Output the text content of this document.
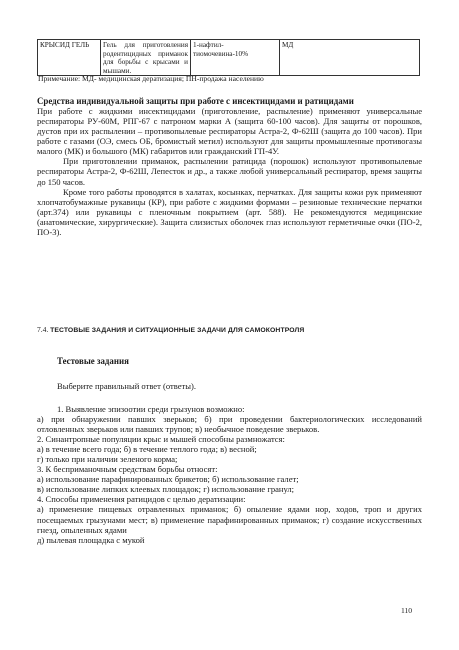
КРЫСИД ГЕЛЬ	Гель для приготовления родентицидных приманок для борьбы с крысами и мышами.	1-нафтил-тиомочевина-10%	МД
Примечание: МД- медицинская дератизация; ПН-продажа населению

Средства индивидуальной защиты при работе с инсектицидами и ратицидами

При работе с жидкими инсектицидами (приготовление, распыление) применяют универсальные респираторы РУ-60М, РПГ-67 с патроном марки А (защита 60-100 часов). Для защиты от порошков, дустов при их распылении – противопылевые респираторы Астра-2, Ф-62Ш (защита до 100 часов). При работе с газами (ОЭ, смесь ОБ, бромистый метил) используют для защиты промышленные противогазы малого (МК) и большого (МК) габаритов или гражданский ГП-4У.

При приготовлении приманок, распылении ратицида (порошок) используют противопылевые респираторы Астра-2, Ф-62Ш, Лепесток и др., а также любой универсальный респиратор, время защиты до 150 часов.

Кроме того работы проводятся в халатах, косынках, перчатках. Для защиты кожи рук применяют хлопчатобумажные рукавицы (КР), при работе с жидкими формами – резиновые технические перчатки (арт.374) или рукавицы с пленочным покрытием (арт. 588). Не рекомендуются медицинские (анатомические, хирургические). Защита слизистых оболочек глаз используют герметичные очки (ПО-2, ПО-3).

7.4. ТЕСТОВЫЕ ЗАДАНИЯ И СИТУАЦИОННЫЕ ЗАДАЧИ ДЛЯ САМОКОНТРОЛЯ
Тестовые задания
Выберите правильный ответ (ответы).

1. Выявление эпизоотии среди грызунов возможно:

а) при обнаружении павших зверьков; б) при проведении бактериологических исследований отловленных зверьков или павших трупов; в) необычное поведение зверьков.

2. Синантропные популяции крыс и мышей способны размножатся:

а) в течение всего года; б) в течение теплого года; в) весной;

г) только при наличии зеленого корма;

3. К бесприманочным средствам борьбы относят:

а) использование парафинированных брикетов; б) использование галет;

в) использование липких клеевых площадок; г) использование гранул;

4. Способы применения ратицидов с целью дератизации:

а) применение пищевых отравленных приманок; б) опыление ядами нор, ходов, троп и других посещаемых грызунами мест; в) применение парафинированных приманок; г) создание искусственных гнезд, опыленных ядами

д) пылевая площадка с мукой

110
